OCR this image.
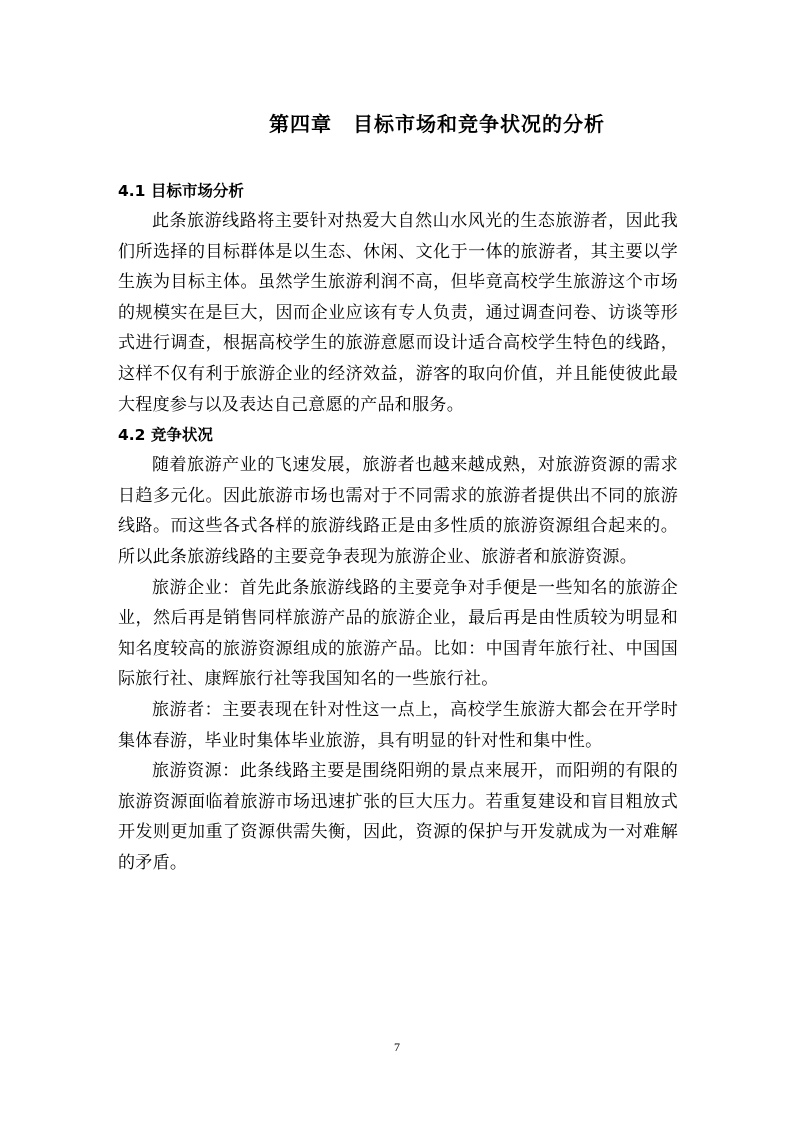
第四章　目标市场和竞争状况的分析
4.1 目标市场分析

此条旅游线路将主要针对热爱大自然山水风光的生态旅游者，因此我们所选择的目标群体是以生态、休闲、文化于一体的旅游者，其主要以学生族为目标主体。虽然学生旅游利润不高，但毕竟高校学生旅游这个市场的规模实在是巨大，因而企业应该有专人负责，通过调查问卷、访谈等形式进行调查，根据高校学生的旅游意愿而设计适合高校学生特色的线路，这样不仅有利于旅游企业的经济效益，游客的取向价值，并且能使彼此最大程度参与以及表达自己意愿的产品和服务。

4.2 竞争状况

随着旅游产业的飞速发展，旅游者也越来越成熟，对旅游资源的需求日趋多元化。因此旅游市场也需对于不同需求的旅游者提供出不同的旅游线路。而这些各式各样的旅游线路正是由多性质的旅游资源组合起来的。所以此条旅游线路的主要竞争表现为旅游企业、旅游者和旅游资源。

旅游企业：首先此条旅游线路的主要竞争对手便是一些知名的旅游企业，然后再是销售同样旅游产品的旅游企业，最后再是由性质较为明显和知名度较高的旅游资源组成的旅游产品。比如：中国青年旅行社、中国国际旅行社、康辉旅行社等我国知名的一些旅行社。

旅游者：主要表现在针对性这一点上，高校学生旅游大都会在开学时集体春游，毕业时集体毕业旅游，具有明显的针对性和集中性。

旅游资源：此条线路主要是围绕阳朔的景点来展开，而阳朔的有限的旅游资源面临着旅游市场迅速扩张的巨大压力。若重复建设和盲目粗放式开发则更加重了资源供需失衡，因此，资源的保护与开发就成为一对难解的矛盾。

7
